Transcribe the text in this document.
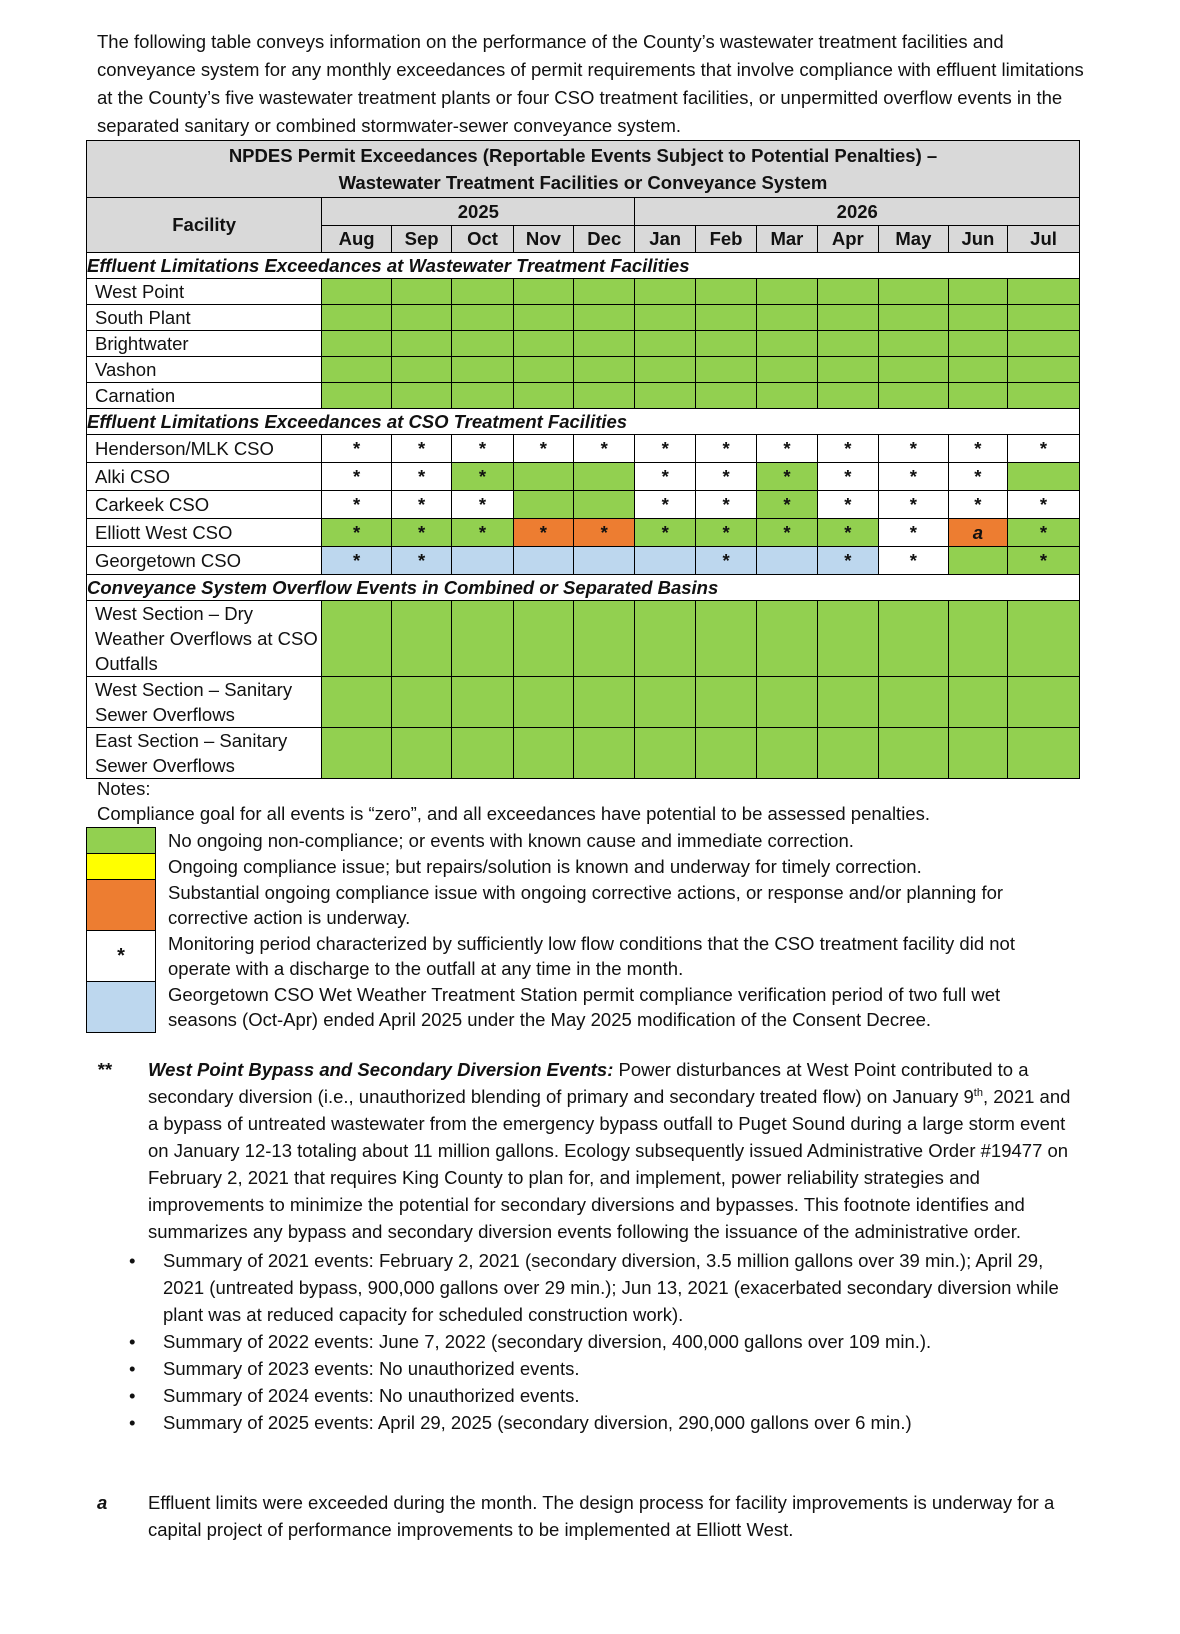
The following table conveys information on the performance of the County’s wastewater treatment facilities and conveyance system for any monthly exceedances of permit requirements that involve compliance with effluent limitations at the County’s five wastewater treatment plants or four CSO treatment facilities, or unpermitted overflow events in the separated sanitary or combined stormwater-sewer conveyance system.

NPDES Permit Exceedances (Reportable Events Subject to Potential Penalties) –
Wastewater Treatment Facilities or Conveyance System												

Facility	2025					2026						
	Aug	Sep	Oct	Nov	Dec	Jan	Feb	Mar	Apr	May	Jun	Jul
Effluent Limitations Exceedances at Wastewater Treatment Facilities												
West Point												
South Plant												
Brightwater												
Vashon												
Carnation												
Effluent Limitations Exceedances at CSO Treatment Facilities												
Henderson/MLK CSO	*	*	*	*	*	*	*	*	*	*	*	*
Alki CSO	*	*	*			*	*	*	*	*	*	
Carkeek CSO	*	*	*			*	*	*	*	*	*	*
Elliott West CSO	*	*	*	*	*	*	*	*	*	*	a	*
Georgetown CSO	*	*					*		*	*		*
Conveyance System Overflow Events in Combined or Separated Basins												
West Section – Dry Weather Overflows at CSO Outfalls												
West Section – Sanitary Sewer Overflows												
East Section – Sanitary Sewer Overflows												

Notes:
Compliance goal for all events is “zero”, and all exceedances have potential to be assessed penalties.

	No ongoing non-compliance; or events with known cause and immediate correction.
	Ongoing compliance issue; but repairs/solution is known and underway for timely correction.
	Substantial ongoing compliance issue with ongoing corrective actions, or response and/or planning for corrective action is underway.
*	Monitoring period characterized by sufficiently low flow conditions that the CSO treatment facility did not operate with a discharge to the outfall at any time in the month.
	Georgetown CSO Wet Weather Treatment Station permit compliance verification period of two full wet seasons (Oct-Apr) ended April 2025 under the May 2025 modification of the Consent Decree.
** West Point Bypass and Secondary Diversion Events: Power disturbances at West Point contributed to a secondary diversion (i.e., unauthorized blending of primary and secondary treated flow) on January 9th, 2021 and a bypass of untreated wastewater from the emergency bypass outfall to Puget Sound during a large storm event on January 12-13 totaling about 11 million gallons. Ecology subsequently issued Administrative Order #19477 on February 2, 2021 that requires King County to plan for, and implement, power reliability strategies and improvements to minimize the potential for secondary diversions and bypasses. This footnote identifies and summarizes any bypass and secondary diversion events following the issuance of the administrative order.
• Summary of 2021 events: February 2, 2021 (secondary diversion, 3.5 million gallons over 39 min.); April 29, 2021 (untreated bypass, 900,000 gallons over 29 min.); Jun 13, 2021 (exacerbated secondary diversion while plant was at reduced capacity for scheduled construction work).
• Summary of 2022 events: June 7, 2022 (secondary diversion, 400,000 gallons over 109 min.).
• Summary of 2023 events: No unauthorized events.
• Summary of 2024 events: No unauthorized events.
• Summary of 2025 events: April 29, 2025 (secondary diversion, 290,000 gallons over 6 min.)
a Effluent limits were exceeded during the month. The design process for facility improvements is underway for a capital project of performance improvements to be implemented at Elliott West.
